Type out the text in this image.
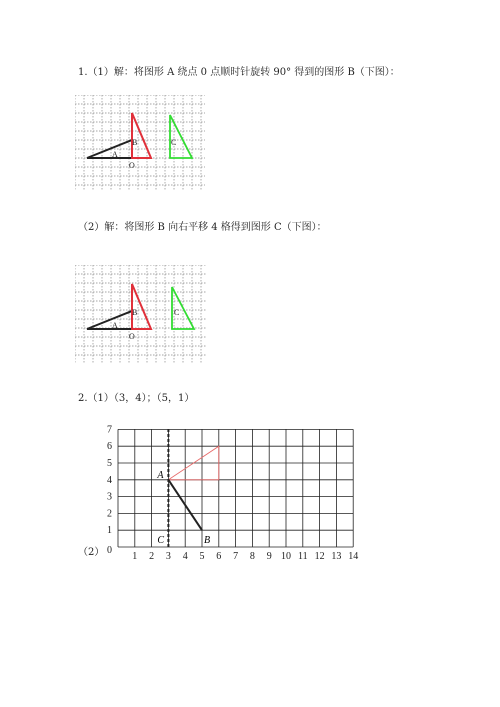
1.（1）解：将图形 A 绕点 0 点顺时针旋转 90° 得到的图形 B（下图）：
A
B	C
O
（2）解：将图形 B 向右平移 4 格得到图形 C（下图）：
A
B	C
O
2.（1）（3，4）；（5，1）
（2）	1 2 3 4 5 6 7 8 9 10 11 12 13 14
1
2
3
4
5
6
7
0
A
B
C
